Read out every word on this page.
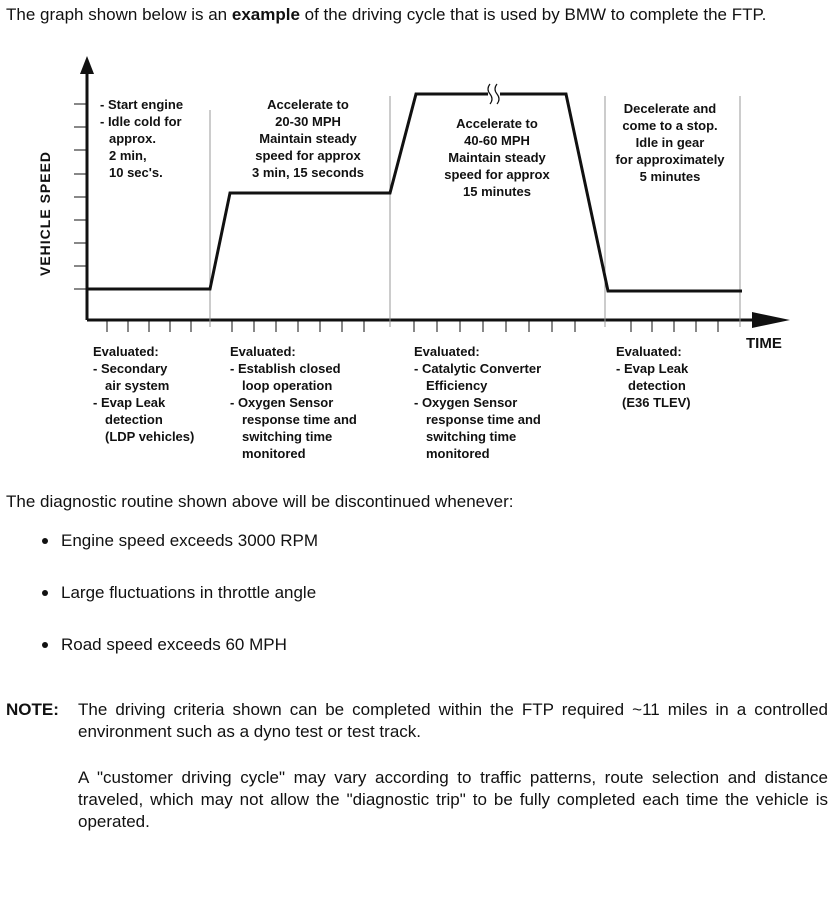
The graph shown below is an example of the driving cycle that is used by BMW to complete the FTP.
VEHICLE SPEED
TIME
- Start engine
- Idle cold for
approx.
2 min,
10 sec's.
Accelerate to
20-30 MPH
Maintain steady
speed for approx
3 min, 15 seconds
Accelerate to
40-60 MPH
Maintain steady
speed for approx
15 minutes
Decelerate and
come to a stop.
Idle in gear
for approximately
5 minutes
Evaluated:
- Secondary
air system
- Evap Leak
detection
(LDP vehicles)
Evaluated:
- Establish closed
loop operation
- Oxygen Sensor
response time and
switching time
monitored
Evaluated:
- Catalytic Converter
Efficiency
- Oxygen Sensor
response time and
switching time
monitored
Evaluated:
- Evap Leak
detection
(E36 TLEV)
The diagnostic routine shown above will be discontinued whenever:
Engine speed exceeds 3000 RPM
Large fluctuations in throttle angle
Road speed exceeds 60 MPH
NOTE: The driving criteria shown can be completed within the FTP required ~11 miles in a controlled environment such as a dyno test or test track.
A "customer driving cycle" may vary according to traffic patterns, route selection and distance traveled, which may not allow the "diagnostic trip" to be fully completed each time the vehicle is operated.
